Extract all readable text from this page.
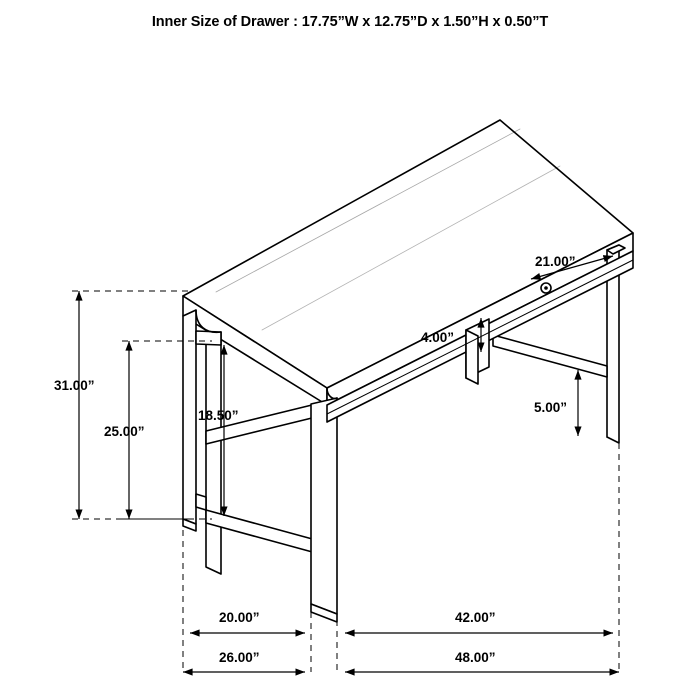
Inner Size of Drawer : 17.75”W x 12.75”D x 1.50”H x 0.50”T
31.00”
25.00”
18.50”
21.00”
4.00”
5.00”
20.00”	42.00”
26.00”	48.00”
